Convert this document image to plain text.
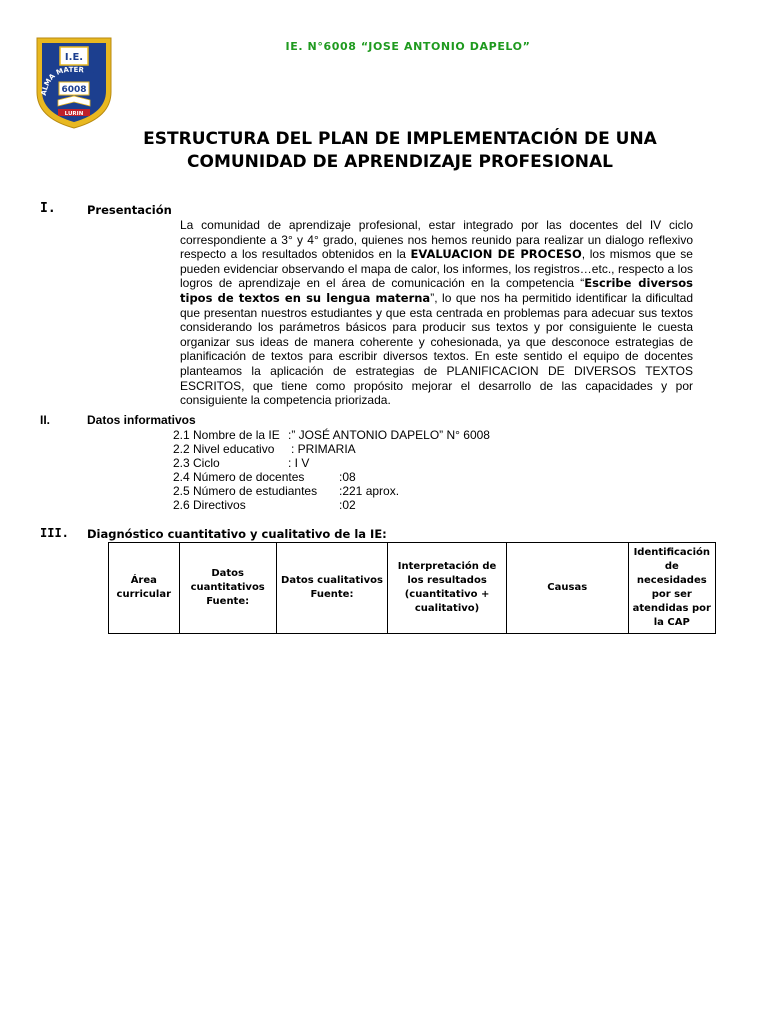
I.E.
ALMA MATER
6008
LURIN
IE. N°6008 “JOSE ANTONIO DAPELO”
ESTRUCTURA DEL PLAN DE IMPLEMENTACIÓN DE UNA
COMUNIDAD DE APRENDIZAJE PROFESIONAL
I.	Presentación
La comunidad de aprendizaje profesional, estar integrado por las docentes del IV ciclo correspondiente a 3° y 4° grado, quienes nos hemos reunido para realizar un dialogo reflexivo respecto a los resultados obtenidos en la EVALUACION DE PROCESO, los mismos que se pueden evidenciar observando el mapa de calor, los informes, los registros…etc., respecto a los logros de aprendizaje en el área de comunicación en la competencia “Escribe diversos tipos de textos en su lengua materna”, lo que nos ha permitido identificar la dificultad que presentan nuestros estudiantes y que esta centrada en problemas para adecuar sus textos considerando los parámetros básicos para producir sus textos y por consiguiente le cuesta organizar sus ideas de manera coherente y cohesionada, ya que desconoce estrategias de planificación de textos para escribir diversos textos. En este sentido el equipo de docentes planteamos la aplicación de estrategias de PLANIFICACION DE DIVERSOS TEXTOS ESCRITOS, que tiene como propósito mejorar el desarrollo de las capacidades y por consiguiente la competencia priorizada.
II.	Datos informativos
2.1 Nombre de la IE :” JOSÉ ANTONIO DAPELO” N° 6008
2.2 Nivel educativo : PRIMARIA
2.3 Ciclo	: I V
2.4 Número de docentes	:08
2.5 Número de estudiantes :221 aprox.
2.6 Directivos	:02
III. Diagnóstico cuantitativo y cualitativo de la IE:
Área curricular	Datos cuantitativos Fuente:	Datos cualitativos Fuente:	Interpretación de los resultados (cuantitativo + cualitativo)	Causas	Identificación de necesidades por ser atendidas por la CAP
